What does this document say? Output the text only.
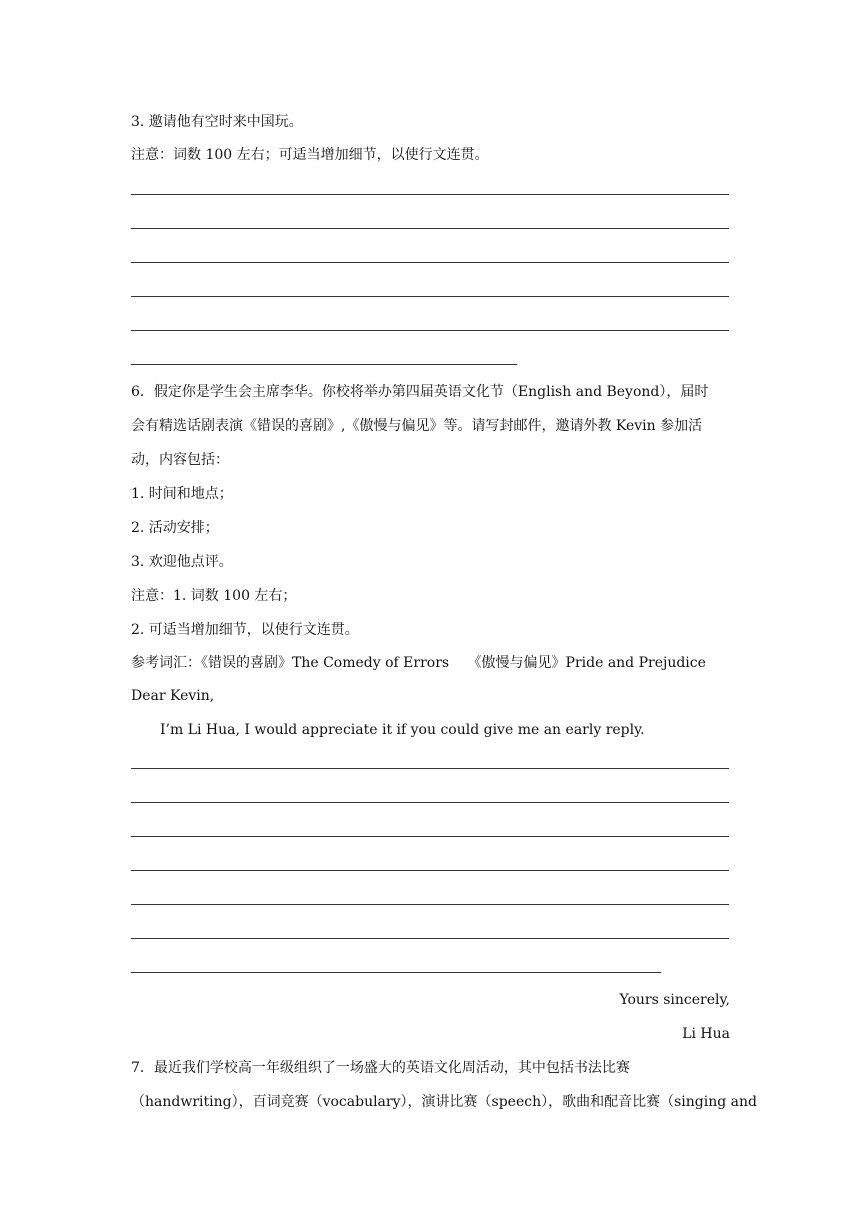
3. 邀请他有空时来中国玩。
注意：词数 100 左右；可适当增加细节，以使行文连贯。
6．假定你是学生会主席李华。你校将举办第四届英语文化节（English and Beyond），届时
会有精选话剧表演《错误的喜剧》,《傲慢与偏见》等。请写封邮件，邀请外教 Kevin 参加活
动，内容包括：
1. 时间和地点；
2. 活动安排；
3. 欢迎他点评。
注意：1. 词数 100 左右；
2. 可适当增加细节，以使行文连贯。
参考词汇：《错误的喜剧》The Comedy of Errors　 《傲慢与偏见》Pride and Prejudice
Dear Kevin,
I’m Li Hua, I would appreciate it if you could give me an early reply.
Yours sincerely,
Li Hua
7．最近我们学校高一年级组织了一场盛大的英语文化周活动，其中包括书法比赛
（handwriting），百词竞赛（vocabulary），演讲比赛（speech），歌曲和配音比赛（singing and
